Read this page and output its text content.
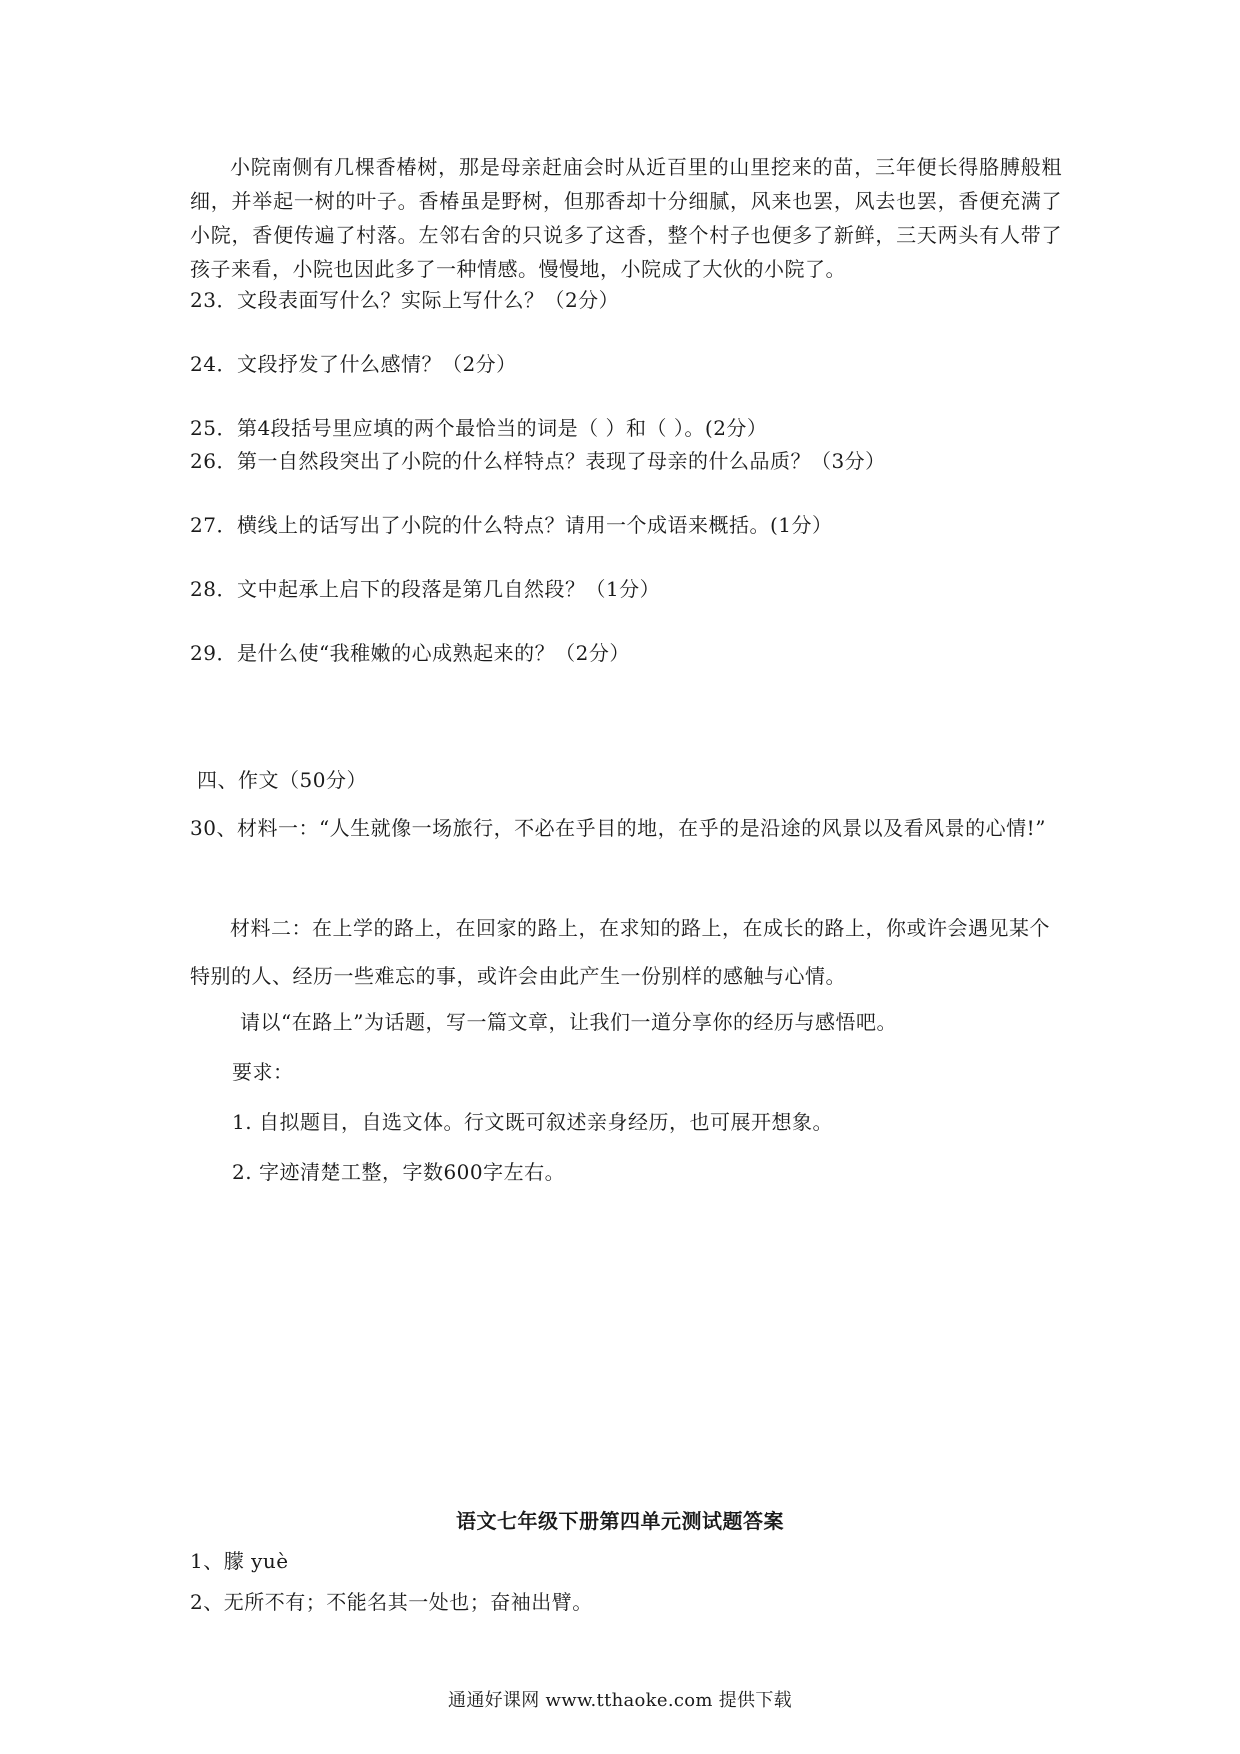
小院南侧有几棵香椿树，那是母亲赶庙会时从近百里的山里挖来的苗，三年便长得胳膊般粗细，并举起一树的叶子。香椿虽是野树，但那香却十分细腻，风来也罢，风去也罢，香便充满了小院，香便传遍了村落。左邻右舍的只说多了这香，整个村子也便多了新鲜，三天两头有人带了孩子来看，小院也因此多了一种情感。慢慢地，小院成了大伙的小院了。

23．文段表面写什么？实际上写什么？（2分）
24．文段抒发了什么感情？（2分）
25．第4段括号里应填的两个最恰当的词是（ ）和（ ）。(2分）
26．第一自然段突出了小院的什么样特点？表现了母亲的什么品质？（3分）
27．横线上的话写出了小院的什么特点？请用一个成语来概括。(1分）
28．文中起承上启下的段落是第几自然段？（1分）
29．是什么使“我稚嫩的心成熟起来的？（2分）
四、作文（50分）
30、材料一：“人生就像一场旅行，不必在乎目的地，在乎的是沿途的风景以及看风景的心情!”
材料二：在上学的路上，在回家的路上，在求知的路上，在成长的路上，你或许会遇见某个特别的人、经历一些难忘的事，或许会由此产生一份别样的感触与心情。
请以“在路上”为话题，写一篇文章，让我们一道分享你的经历与感悟吧。
要求：
1. 自拟题目，自选文体。行文既可叙述亲身经历，也可展开想象。
2. 字迹清楚工整，字数600字左右。
语文七年级下册第四单元测试题答案
1、朦 yuè
2、无所不有；不能名其一处也；奋袖出臂。
通通好课网 www.tthaoke.com 提供下载
